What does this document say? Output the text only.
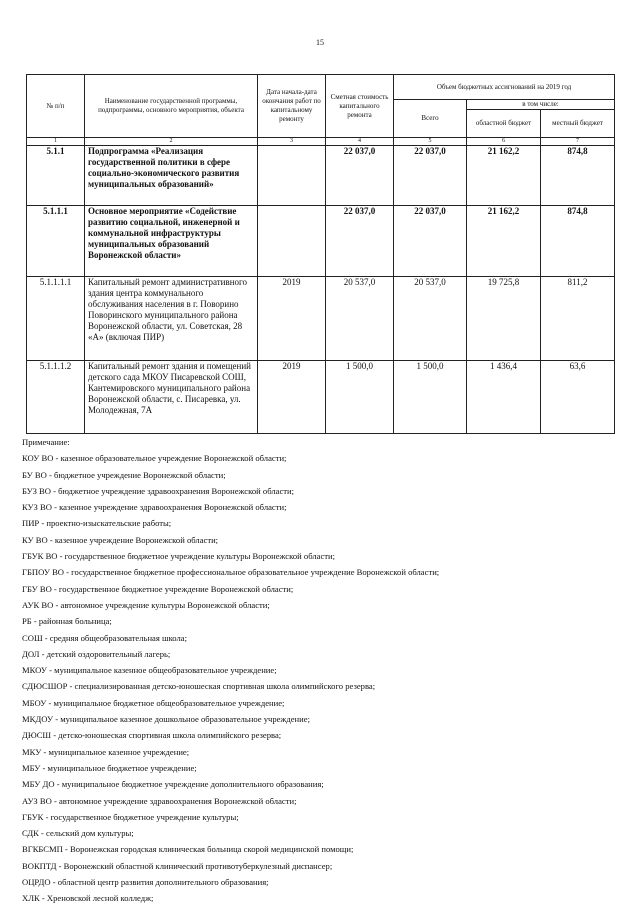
15
№ п/п	Наименование государственной программы, подпрограммы, основного мероприятия, объекта	Дата начала-дата окончания работ по капитальному ремонту	Сметная стоимость капитального ремонта	Объем бюджетных ассигнований на 2019 год		
				Всего	в том числе:	
					областной бюджет	местный бюджет
1	2	3	4	5	6	7
5.1.1	Подпрограмма «Реализация государственной политики в сфере социально-экономического развития муниципальных образований»		22 037,0	22 037,0	21 162,2	874,8
5.1.1.1	Основное мероприятие «Содействие развитию социальной, инженерной и коммунальной инфраструктуры муниципальных образований Воронежской области»		22 037,0	22 037,0	21 162,2	874,8
5.1.1.1.1	Капитальный ремонт административного здания центра коммунального обслуживания населения в г. Поворино Поворинского муниципального района Воронежской области, ул. Советская, 28 «А» (включая ПИР)	2019	20 537,0	20 537,0	19 725,8	811,2
5.1.1.1.2	Капитальный ремонт здания и помещений детского сада МКОУ Писаревской СОШ, Кантемировского муниципального района Воронежской области, с. Писаревка, ул. Молодежная, 7А	2019	1 500,0	1 500,0	1 436,4	63,6
Примечание:
КОУ ВО - казенное образовательное учреждение Воронежской области;
БУ ВО - бюджетное учреждение Воронежской области;
БУЗ ВО - бюджетное учреждение здравоохранения Воронежской области;
КУЗ ВО - казенное учреждение здравоохранения Воронежской области;
ПИР - проектно-изыскательские работы;
КУ ВО - казенное учреждение Воронежской области;
ГБУК ВО - государственное бюджетное учреждение культуры Воронежской области;
ГБПОУ ВО - государственное бюджетное профессиональное образовательное учреждение Воронежской области;
ГБУ ВО - государственное бюджетное учреждение Воронежской области;
АУК ВО - автономное учреждение культуры Воронежской области;
РБ - районная больница;
СОШ - средняя общеобразовательная школа;
ДОЛ - детский оздоровительный лагерь;
МКОУ - муниципальное казенное общеобразовательное учреждение;
СДЮСШОР - специализированная детско-юношеская спортивная школа олимпийского резерва;
МБОУ - муниципальное бюджетное общеобразовательное учреждение;
МКДОУ - муниципальное казенное дошкольное образовательное учреждение;
ДЮСШ - детско-юношеская спортивная школа олимпийского резерва;
МКУ - муниципальное казенное учреждение;
МБУ - муниципальное бюджетное учреждение;
МБУ ДО - муниципальное бюджетное учреждение дополнительного образования;
АУЗ ВО - автономное учреждение здравоохранения Воронежской области;
ГБУК - государственное бюджетное учреждение культуры;
СДК - сельский дом культуры;
ВГКБСМП - Воронежская городская клиническая больница скорой медицинской помощи;
ВОКПТД - Воронежский областной клинический противотуберкулезный диспансер;
ОЦРДО - областной центр развития дополнительного образования;
ХЛК - Хреновской лесной колледж;
